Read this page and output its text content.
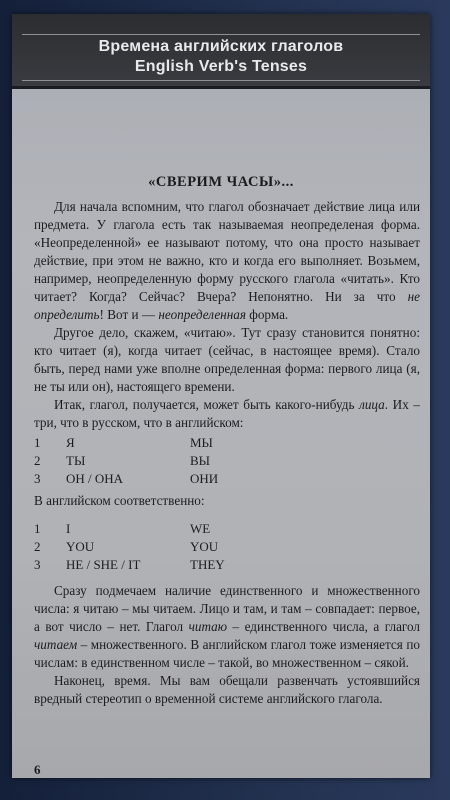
Времена английских глаголов
English Verb's Tenses
«СВЕРИМ ЧАСЫ»...

Для начала вспомним, что глагол обозначает действие лица или предмета. У глагола есть так называемая неопределеная форма. «Неопределенной» ее называют потому, что она просто называет действие, при этом не важно, кто и когда его выполняет. Возьмем, например, неопределенную форму русского глагола «читать». Кто читает? Когда? Сейчас? Вчера? Непонятно. Ни за что не определить! Вот и — неопределенная форма.

Другое дело, скажем, «читаю». Тут сразу становится понятно: кто читает (я), когда читает (сейчас, в настоящее время). Стало быть, перед нами уже вполне определенная форма: первого лица (я, не ты или он), настоящего времени.

Итак, глагол, получается, может быть какого-нибудь лица. Их – три, что в русском, что в английском:

1	Я	МЫ
2	ТЫ	ВЫ
3	ОН / ОНА	ОНИ

В английском соответственно:

1	I	WE
2	YOU	YOU
3	HE / SHE / IT	THEY

Сразу подмечаем наличие единственного и множественного числа: я читаю – мы читаем. Лицо и там, и там – совпадает: первое, а вот число – нет. Глагол читаю – единственного числа, а глагол читаем – множественного. В английском глагол тоже изменяется по числам: в единственном числе – такой, во множественном – сякой.

Наконец, время. Мы вам обещали развенчать устоявшийся вредный стереотип о временной системе английского глагола.

6
